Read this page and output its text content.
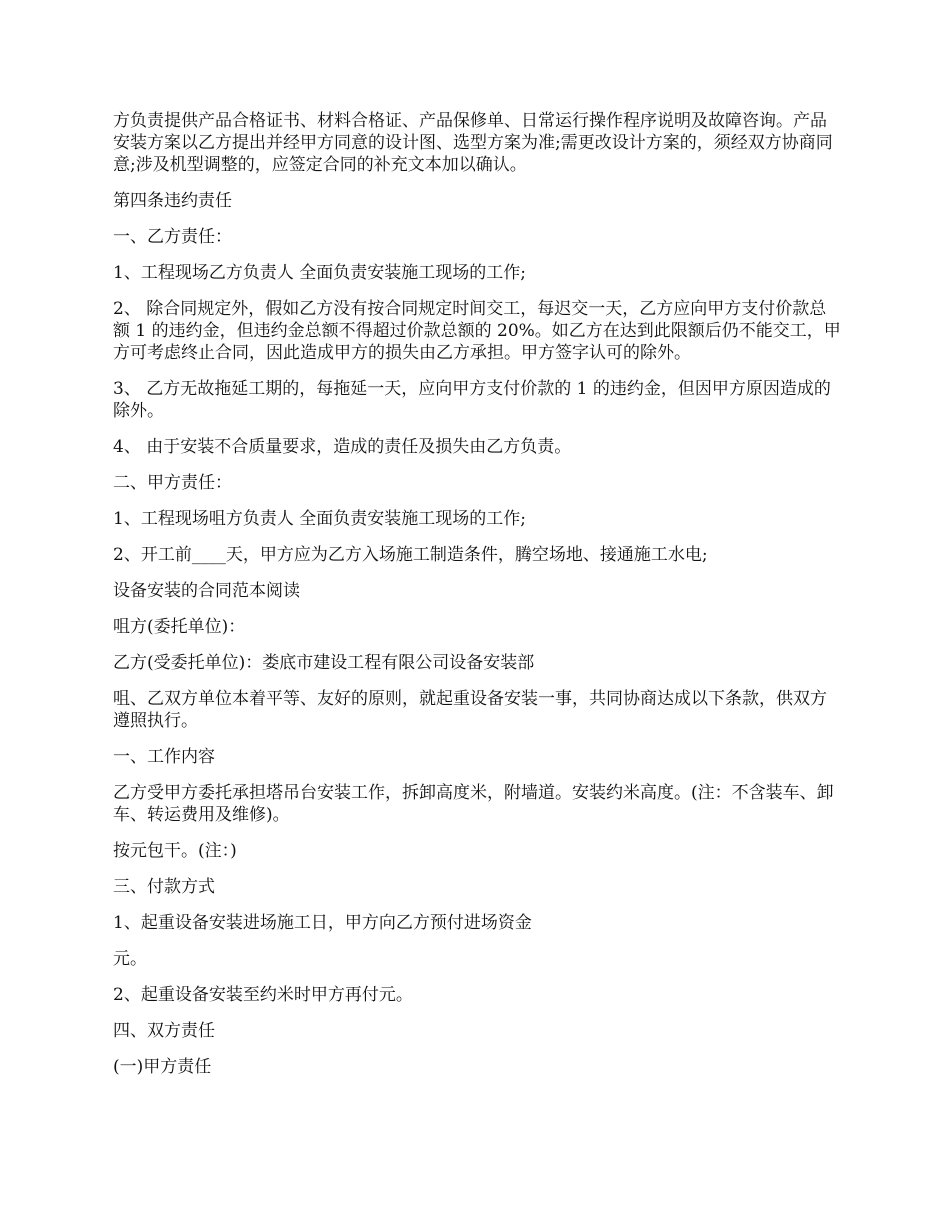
方负责提供产品合格证书、材料合格证、产品保修单、日常运行操作程序说明及故障咨询。产品安装方案以乙方提出并经甲方同意的设计图、选型方案为准;需更改设计方案的，须经双方协商同意;涉及机型调整的，应签定合同的补充文本加以确认。

第四条违约责任

一、乙方责任：

1、工程现场乙方负责人 全面负责安装施工现场的工作;

2、 除合同规定外，假如乙方没有按合同规定时间交工，每迟交一天，乙方应向甲方支付价款总额 1 的违约金，但违约金总额不得超过价款总额的 20%。如乙方在达到此限额后仍不能交工，甲方可考虑终止合同，因此造成甲方的损失由乙方承担。甲方签字认可的除外。

3、 乙方无故拖延工期的，每拖延一天，应向甲方支付价款的 1 的违约金，但因甲方原因造成的除外。

4、 由于安装不合质量要求，造成的责任及损失由乙方负责。

二、甲方责任：

1、工程现场咀方负责人 全面负责安装施工现场的工作;

2、开工前____天，甲方应为乙方入场施工制造条件，腾空场地、接通施工水电;

设备安装的合同范本阅读

咀方(委托单位)：

乙方(受委托单位)：娄底市建设工程有限公司设备安装部

咀、乙双方单位本着平等、友好的原则，就起重设备安装一事，共同协商达成以下条款，供双方遵照执行。

一、工作内容

乙方受甲方委托承担塔吊台安装工作，拆卸高度米，附墙道。安装约米高度。(注：不含装车、卸车、转运费用及维修)。

按元包干。(注：)

三、付款方式

1、起重设备安装进场施工日，甲方向乙方预付进场资金

元。

2、起重设备安装至约米时甲方再付元。

四、双方责任

(一)甲方责任
